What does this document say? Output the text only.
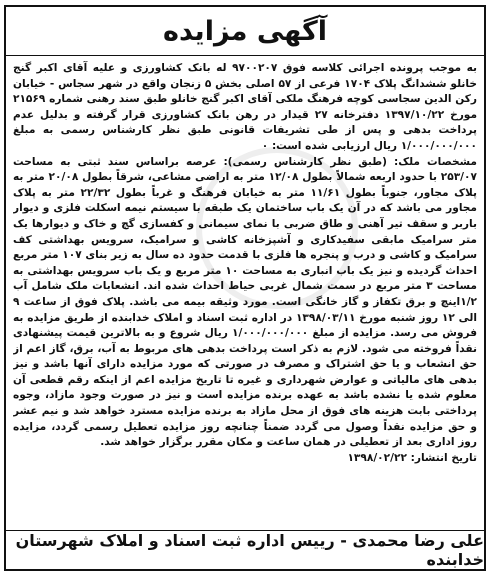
آگهی مزایده

به موجب پرونده اجرائی کلاسه فوق ۹۷۰۰۲۰۷ له بانک کشاورزی و علیه آقای اکبر گنج خانلو ششدانگ پلاک ۱۷۰۴ فرعی از ۵۷ اصلی بخش ۵ زنجان واقع در شهر سجاس - خیابان رکن الدین سجاسی کوچه فرهنگ ملکی آقای اکبر گنج خانلو طبق سند رهنی شماره ۲۱۵۶۹ مورخ ۱۳۹۷/۱۰/۲۲ دفترخانه ۲۷ قیدار در رهن بانک کشاورزی قرار گرفته و بدلیل عدم پرداخت بدهی و پس از طی تشریفات قانونی طبق نظر کارشناس رسمی به مبلغ ۱/۰۰۰/۰۰۰/۰۰۰ ریال ارزیابی شده است: ۰

مشخصات ملک: (طبق نظر کارشناس رسمی): عرصه براساس سند ثبتی به مساحت ۲۵۳/۰۷ با حدود اربعه شمالاً بطول ۱۲/۰۸ متر به اراضی مشاعی، شرقاً بطول ۲۰/۰۸ متر به پلاک مجاور، جنوباً بطول ۱۱/۶۱ متر به خیابان فرهنگ و غرباً بطول ۲۲/۳۲ متر به پلاک مجاور می باشد که در آن یک باب ساختمان یک طبقه با سیستم نیمه اسکلت فلزی و دیوار باربر و سقف تیر آهنی و طاق ضربی با نمای سیمانی و کفسازی گچ و خاک و دیوارها یک متر سرامیک مابقی سفیدکاری و آشپزخانه کاشی و سرامیک، سرویس بهداشتی کف سرامیک و کاشی و درب و پنجره ها فلزی با قدمت حدود ده سال به زیر بنای ۱۰۷ متر مربع احداث گردیده و نیز یک باب انباری به مساحت ۱۰ متر مربع و یک باب سرویس بهداشتی به مساحت ۳ متر مربع در سمت شمال غربی حیاط احداث شده اند. انشعابات ملک شامل آب ۱/۲اینچ و برق تکفاز و گاز خانگی است. مورد وثیقه بیمه می باشد. پلاک فوق از ساعت ۹ الی ۱۲ روز شنبه مورخ ۱۳۹۸/۰۳/۱۱ در اداره ثبت اسناد و املاک خدابنده از طریق مزایده به فروش می رسد. مزایده از مبلغ ۱/۰۰۰/۰۰۰/۰۰۰ ریال شروع و به بالاترین قیمت پیشنهادی نقداً فروخته می شود. لازم به ذکر است پرداخت بدهی های مربوط به آب، برق، گاز اعم از حق انشعاب و یا حق اشتراک و مصرف در صورتی که مورد مزایده دارای آنها باشد و نیز بدهی های مالیاتی و عوارض شهرداری و غیره تا تاریخ مزایده اعم از اینکه رقم قطعی آن معلوم شده یا نشده باشد به عهده برنده مزایده است و نیز در صورت وجود مازاد، وجوه پرداختی بابت هزینه های فوق از محل مازاد به برنده مزایده مسترد خواهد شد و نیم عشر و حق مزایده نقداً وصول می گردد ضمناً چنانچه روز مزایده تعطیل رسمی گردد، مزایده روز اداری بعد از تعطیلی در همان ساعت و مکان مقرر برگزار خواهد شد.

تاریخ انتشار: ۱۳۹۸/۰۲/۲۲

علی رضا محمدی - رییس اداره ثبت اسناد و املاک شهرستان خدابنده
